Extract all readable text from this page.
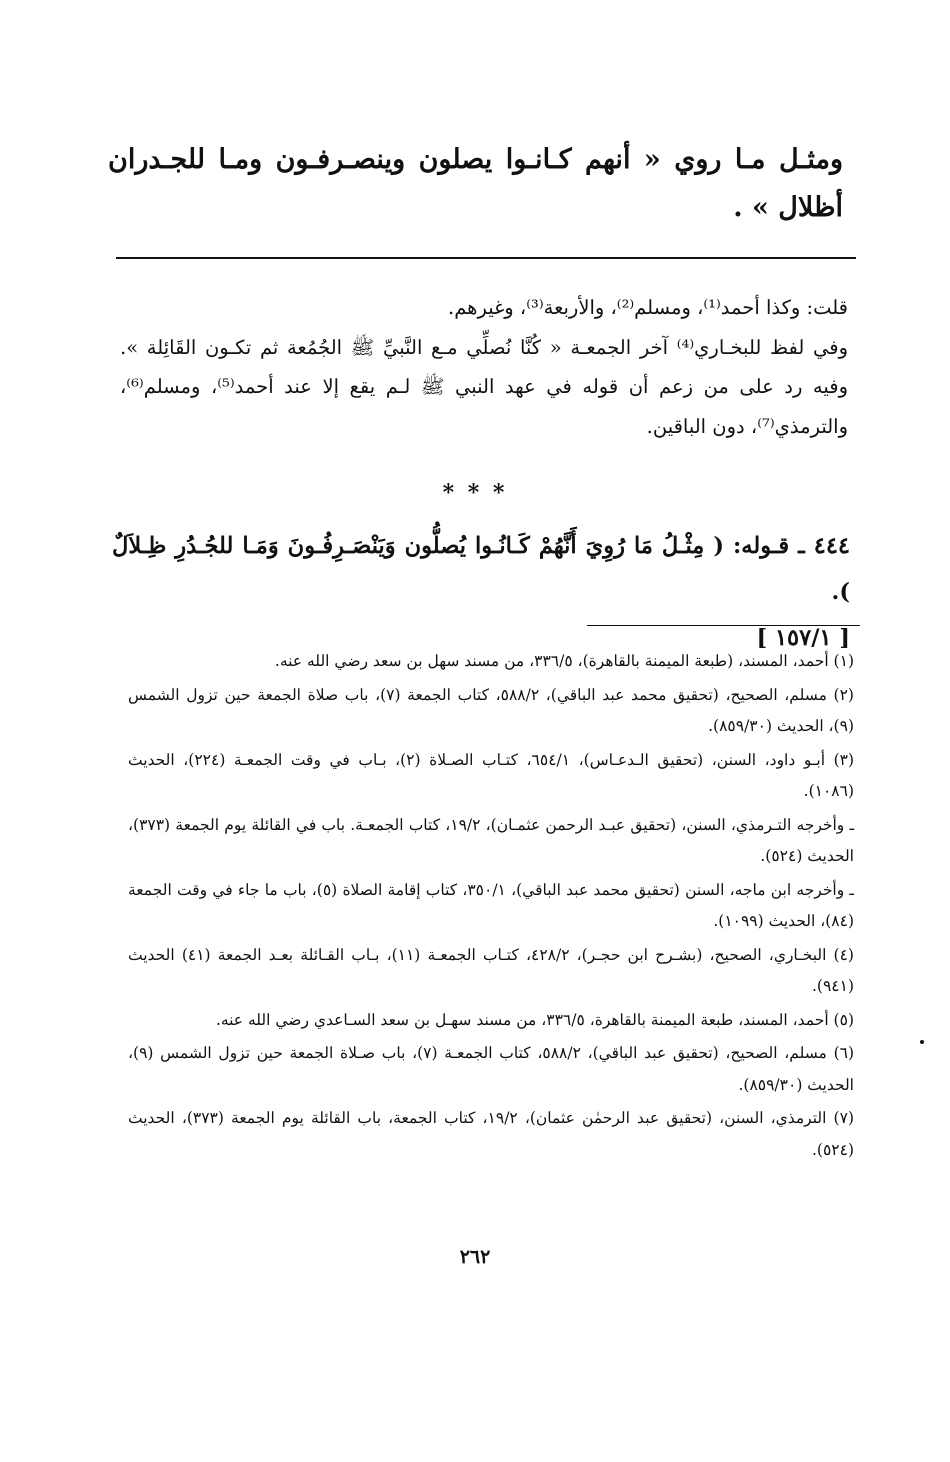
ومثـل مـا روي « أنهم كـانـوا يصلون وينصـرفـون ومـا للجـدران أظلال » .

قلت: وكذا أحمد⁽¹⁾، ومسلم⁽²⁾، والأربعة⁽³⁾، وغيرهم.

وفي لفظ للبخـاري⁽⁴⁾ آخر الجمعـة « كُنَّا نُصلِّي مـع النَّبيِّ ﷺ الجُمُعة ثم تكـون القَائِلة ». وفيه رد على من زعم أن قوله في عهد النبي ﷺ لـم يقع إلا عند أحمد⁽⁵⁾، ومسلم⁽⁶⁾، والترمذي⁽⁷⁾، دون الباقين.

* * *
٤٤٤ ـ قـوله: ( مِثْـلُ مَا رُوِيَ أَنَّهُمْ كَـانُـوا يُصلُّون وَيَنْصَـرِفُـونَ وَمَـا للجُـدُرِ ظِـلاَلٌ ).
[ ١٥٧/١ ]

(١) أحمد، المسند، (طبعة الميمنة بالقاهرة)، ٣٣٦/٥، من مسند سهل بن سعد رضي الله عنه.

(٢) مسلم، الصحيح، (تحقيق محمد عبد الباقي)، ٥٨٨/٢، كتاب الجمعة (٧)، باب صلاة الجمعة حين تزول الشمس (٩)، الحديث (٨٥٩/٣٠).

(٣) أبـو داود، السنن، (تحقيق الـدعـاس)، ٦٥٤/١، كتـاب الصـلاة (٢)، بـاب في وقت الجمعـة (٢٢٤)، الحديث (١٠٨٦).

ـ وأخرجه التـرمذي، السنن، (تحقيق عبـد الرحمن عثمـان)، ١٩/٢، كتاب الجمعـة. باب في القائلة يوم الجمعة (٣٧٣)، الحديث (٥٢٤).

ـ وأخرجه ابن ماجه، السنن (تحقيق محمد عبد الباقي)، ٣٥٠/١، كتاب إقامة الصلاة (٥)، باب ما جاء في وقت الجمعة (٨٤)، الحديث (١٠٩٩).

(٤) البخـاري، الصحيح، (بشـرح ابن حجـر)، ٤٢٨/٢، كتـاب الجمعـة (١١)، بـاب القـائلة بعـد الجمعة (٤١) الحديث (٩٤١).

(٥) أحمد، المسند، طبعة الميمنة بالقاهرة، ٣٣٦/٥، من مسند سهـل بن سعد السـاعدي رضي الله عنه.

(٦) مسلم، الصحيح، (تحقيق عبد الباقي)، ٥٨٨/٢، كتاب الجمعـة (٧)، باب صـلاة الجمعة حين تزول الشمس (٩)، الحديث (٨٥٩/٣٠).

(٧) الترمذي، السنن، (تحقيق عبد الرحمٰن عثمان)، ١٩/٢، كتاب الجمعة، باب القائلة يوم الجمعة (٣٧٣)، الحديث (٥٢٤).

٢٦٢
